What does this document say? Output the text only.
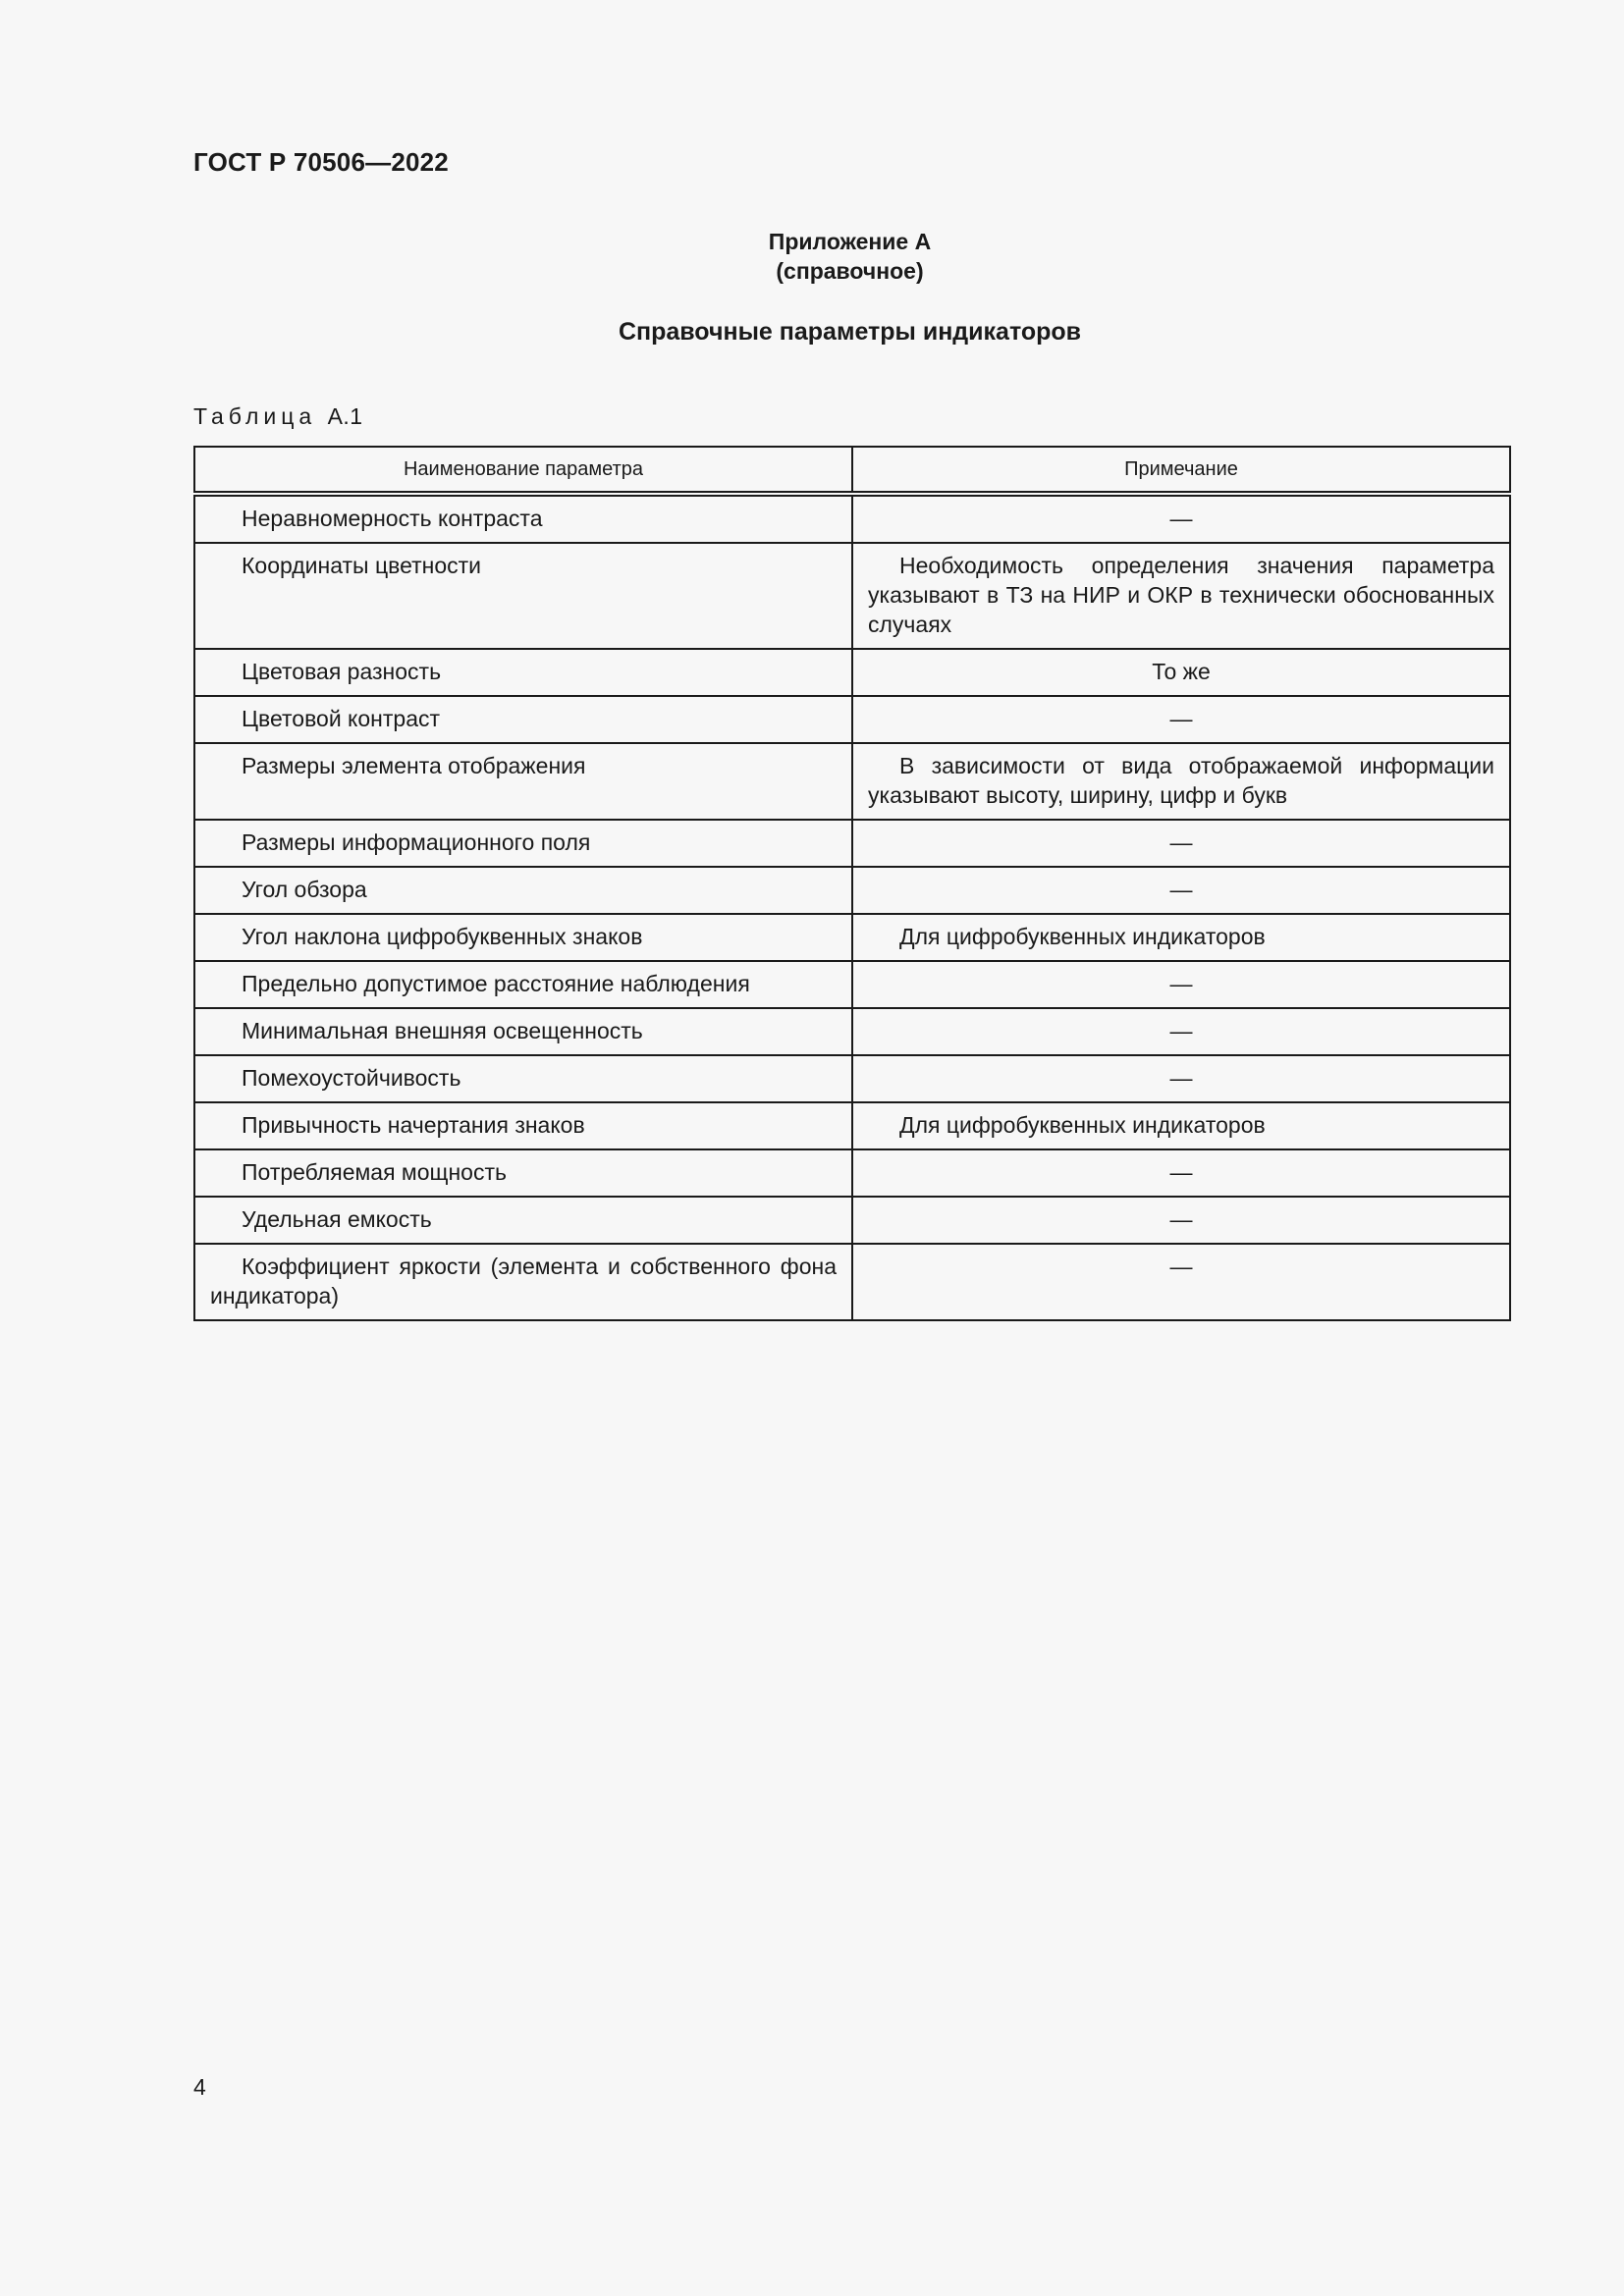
ГОСТ Р 70506—2022
Приложение А
(справочное)
Справочные параметры индикаторов
Таблица А.1
Наименование параметра	Примечание
Неравномерность контраста	—
Координаты цветности	Необходимость определения значения параметра указывают в ТЗ на НИР и ОКР в технически обоснованных случаях
Цветовая разность	То же
Цветовой контраст	—
Размеры элемента отображения	В зависимости от вида отображаемой информации указывают высоту, ширину, цифр и букв
Размеры информационного поля	—
Угол обзора	—
Угол наклона цифробуквенных знаков	Для цифробуквенных индикаторов
Предельно допустимое расстояние наблюдения	—
Минимальная внешняя освещенность	—
Помехоустойчивость	—
Привычность начертания знаков	Для цифробуквенных индикаторов
Потребляемая мощность	—
Удельная емкость	—
Коэффициент яркости (элемента и собственного фона индикатора)	—
4
